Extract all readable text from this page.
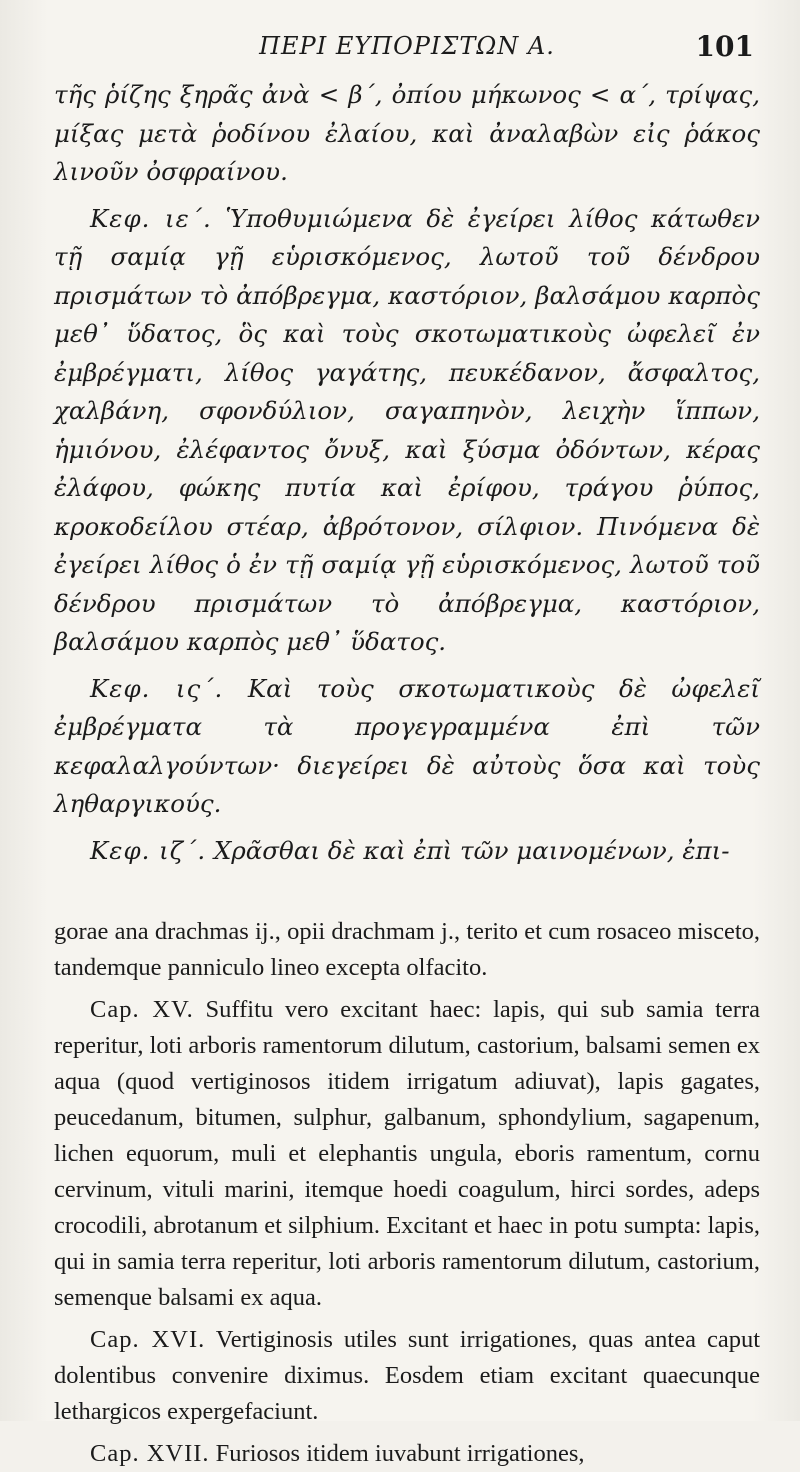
ΠΕΡΙ ΕΥΠΟΡΙΣΤΩΝ Α.	101

τῆς ῥίζης ξηρᾶς ἀνὰ < β΄, ὀπίου μήκωνος < α΄, τρίψας, μίξας μετὰ ῥοδίνου ἐλαίου, καὶ ἀναλαβὼν εἰς ῥάκος λινοῦν ὀσφραίνου.

Κεφ. ιε΄. Ὑποθυμιώμενα δὲ ἐγείρει λίθος κάτωθεν τῇ σαμίᾳ γῇ εὑρισκόμενος, λωτοῦ τοῦ δένδρου πρισμάτων τὸ ἀπόβρεγμα, καστόριον, βαλσάμου καρπὸς μεθ᾽ ὕδατος, ὃς καὶ τοὺς σκοτωματικοὺς ὠφελεῖ ἐν ἐμβρέγματι, λίθος γαγάτης, πευκέδανον, ἄσφαλτος, χαλβάνη, σφονδύλιον, σαγαπηνὸν, λειχὴν ἵππων, ἡμιόνου, ἐλέφαντος ὄνυξ, καὶ ξύσμα ὀδόντων, κέρας ἐλάφου, φώκης πυτία καὶ ἐρίφου, τράγου ῥύπος, κροκοδείλου στέαρ, ἀβρότονον, σίλφιον. Πινόμενα δὲ ἐγείρει λίθος ὁ ἐν τῇ σαμίᾳ γῇ εὑρισκόμενος, λωτοῦ τοῦ δένδρου πρισμάτων τὸ ἀπόβρεγμα, καστόριον, βαλσάμου καρπὸς μεθ᾽ ὕδατος.

Κεφ. ις΄. Καὶ τοὺς σκοτωματικοὺς δὲ ὠφελεῖ ἐμβρέγματα τὰ προγεγραμμένα ἐπὶ τῶν κεφαλαλγούντων· διεγείρει δὲ αὐτοὺς ὅσα καὶ τοὺς ληθαργικούς.

Κεφ. ιζ΄. Χρᾶσθαι δὲ καὶ ἐπὶ τῶν μαινομένων, ἐπι-

gorae ana drachmas ij., opii drachmam j., terito et cum rosaceo misceto, tandemque panniculo lineo excepta olfacito.

Cap. XV. Suffitu vero excitant haec: lapis, qui sub samia terra reperitur, loti arboris ramentorum dilutum, castorium, balsami semen ex aqua (quod vertiginosos itidem irrigatum adiuvat), lapis gagates, peucedanum, bitumen, sulphur, galbanum, sphondylium, sagapenum, lichen equorum, muli et elephantis ungula, eboris ramentum, cornu cervinum, vituli marini, itemque hoedi coagulum, hirci sordes, adeps crocodili, abrotanum et silphium. Excitant et haec in potu sumpta: lapis, qui in samia terra reperitur, loti arboris ramentorum dilutum, castorium, semenque balsami ex aqua.

Cap. XVI. Vertiginosis utiles sunt irrigationes, quas antea caput dolentibus convenire diximus. Eosdem etiam excitant quaecunque lethargicos expergefaciunt.

Cap. XVII. Furiosos itidem iuvabunt irrigationes,
